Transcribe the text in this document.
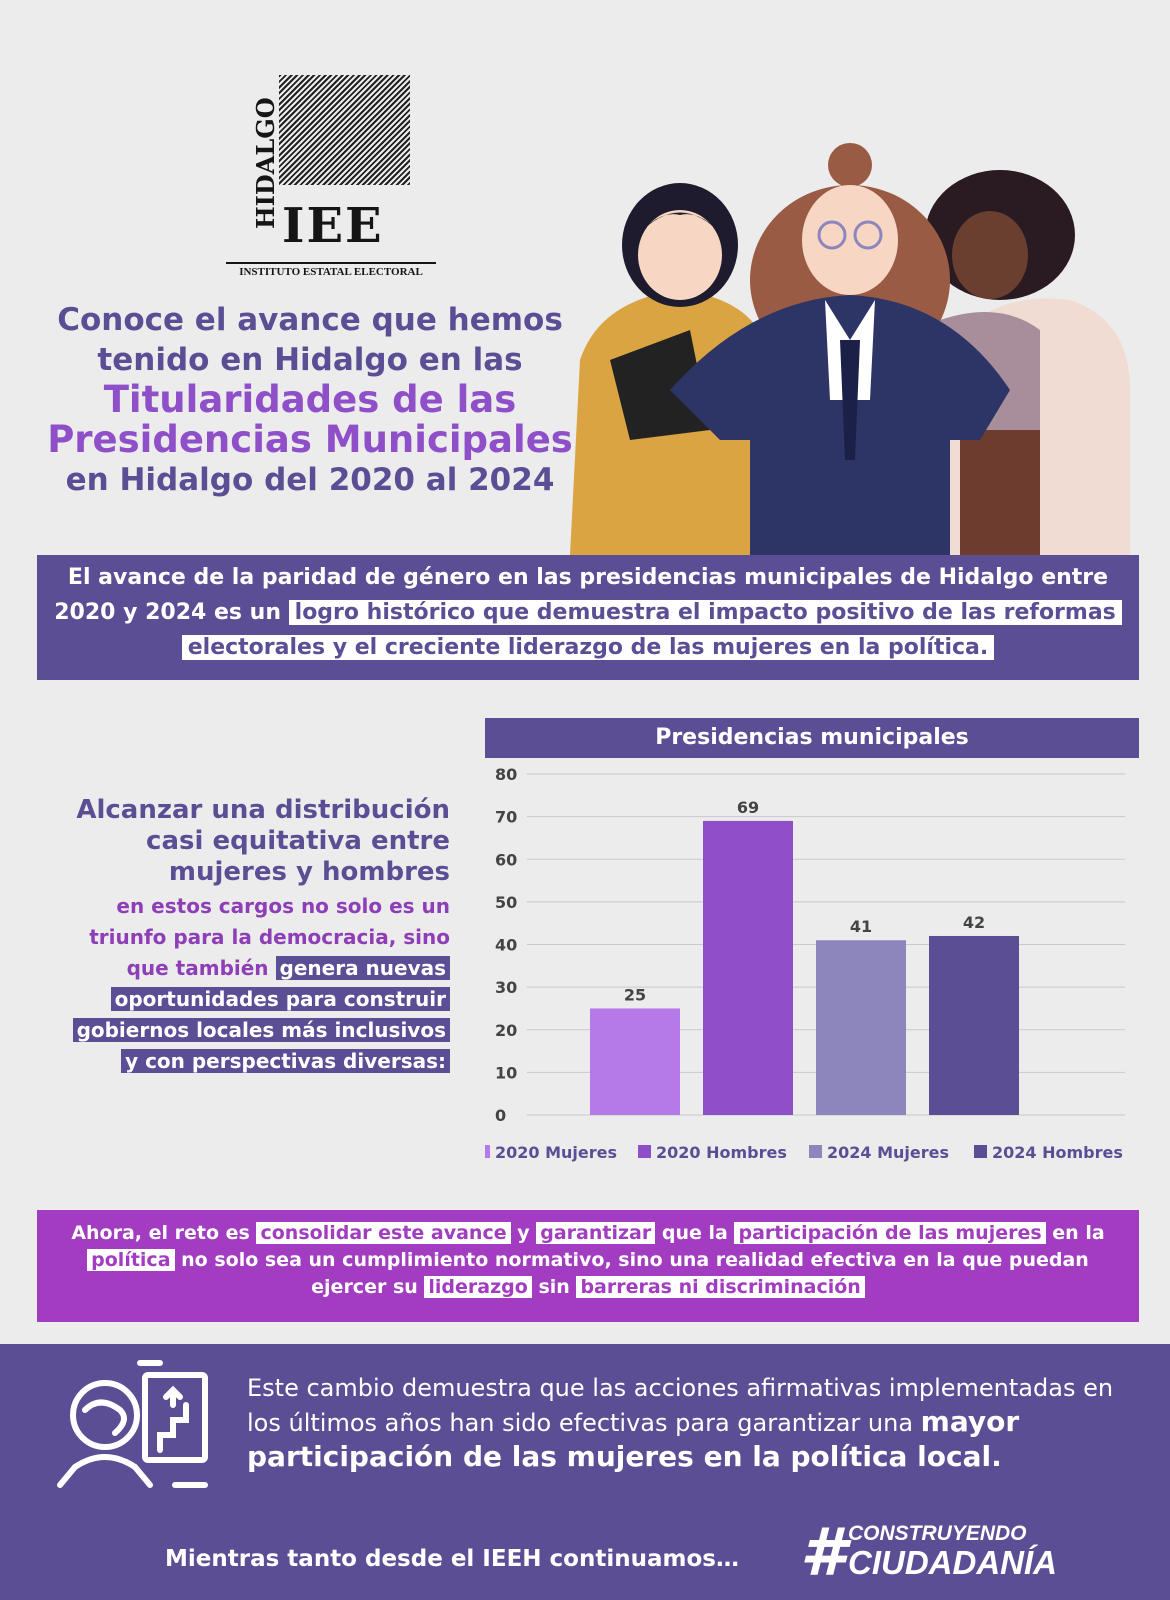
HIDALGO IEE
INSTITUTO ESTATAL ELECTORAL
Conoce el avance que hemos
tenido en Hidalgo en las
Titularidades de las
Presidencias Municipales
en Hidalgo del 2020 al 2024
El avance de la paridad de género en las presidencias municipales de Hidalgo entre 2020 y 2024 es un logro histórico que demuestra el impacto positivo de las reformas
electorales y el creciente liderazgo de las mujeres en la política.
Alcanzar una distribución
casi equitativa entre
mujeres y hombres
en estos cargos no solo es un
triunfo para la democracia, sino
que también genera nuevas
oportunidades para construir
gobiernos locales más inclusivos
y con perspectivas diversas:
Presidencias municipales
0
10
20
30
40
50
60
70
80
25
69
41	42
2020 Mujeres 2020 Hombres	2024 Mujeres	2024 Hombres
Ahora, el reto es consolidar este avance y garantizar que la participación de las mujeres en la política no solo sea un cumplimiento normativo, sino una realidad efectiva en la que puedan ejercer su liderazgo sin barreras ni discriminación
Este cambio demuestra que las acciones afirmativas implementadas en los últimos años han sido efectivas para garantizar una mayor participación de las mujeres en la política local.
Mientras tanto desde el IEEH continuamos… # CONSTRUYENDO
CIUDADANÍA
